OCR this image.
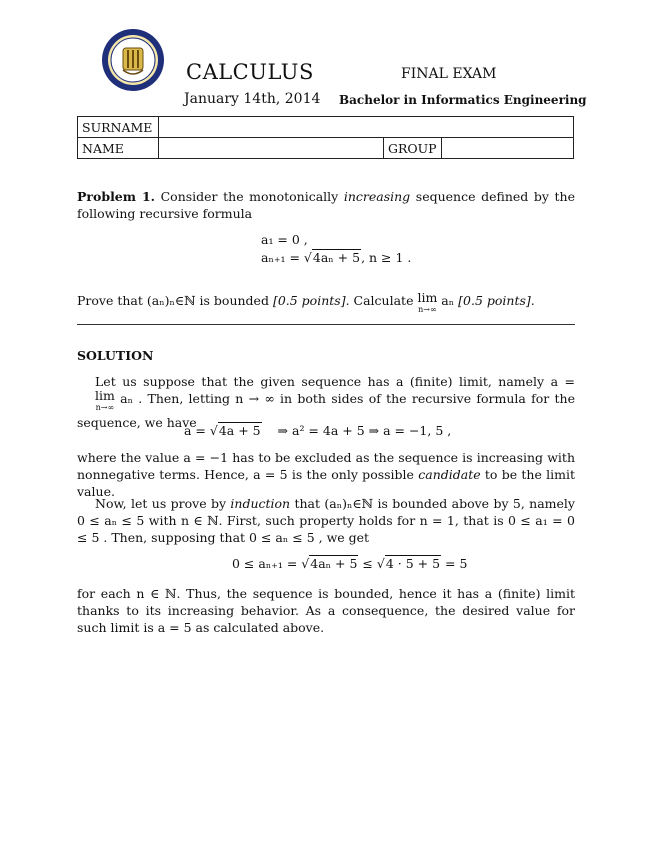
CALCULUS	FINAL EXAM
January 14th, 2014 Bachelor in Informatics Engineering
SURNAME			
NAME		GROUP	
Problem 1. Consider the monotonically increasing sequence defined by the following recursive formula
a₁ = 0 ,
aₙ₊₁ = √4aₙ + 5, n ≥ 1 .
Prove that (aₙ)ₙ∈ℕ is bounded [0.5 points]. Calculate lim
n→∞
aₙ [0.5 points].
SOLUTION
Let us suppose that the given sequence has a (finite) limit, namely a = lim
n→∞
aₙ . Then, letting n → ∞ in both sides of the recursive formula for the sequence, we have
a = √4a + 5 ⇒ a² = 4a + 5 ⇒ a = −1, 5 ,
where the value a = −1 has to be excluded as the sequence is increasing with nonnegative terms. Hence, a = 5 is the only possible candidate to be the limit value.
Now, let us prove by induction that (aₙ)ₙ∈ℕ is bounded above by 5, namely 0 ≤ aₙ ≤ 5 with n ∈ ℕ. First, such property holds for n = 1, that is 0 ≤ a₁ = 0 ≤ 5 . Then, supposing that 0 ≤ aₙ ≤ 5 , we get
0 ≤ aₙ₊₁ = √4aₙ + 5 ≤ √4 · 5 + 5 = 5
for each n ∈ ℕ. Thus, the sequence is bounded, hence it has a (finite) limit thanks to its increasing behavior. As a consequence, the desired value for such limit is a = 5 as calculated above.
